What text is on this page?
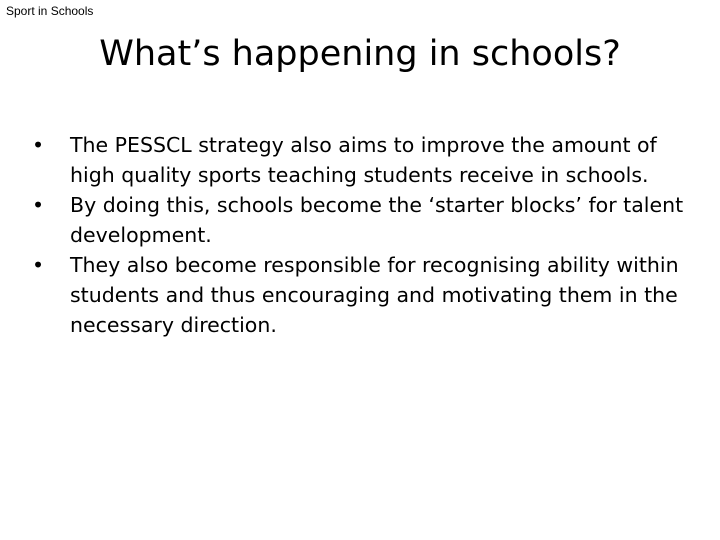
Sport in Schools
What’s happening in schools?
•	The PESSCL strategy also aims to improve the amount of high quality sports teaching students receive in schools.
•	By doing this, schools become the ‘starter blocks’ for talent development.
•	They also become responsible for recognising ability within students and thus encouraging and motivating them in the necessary direction.
